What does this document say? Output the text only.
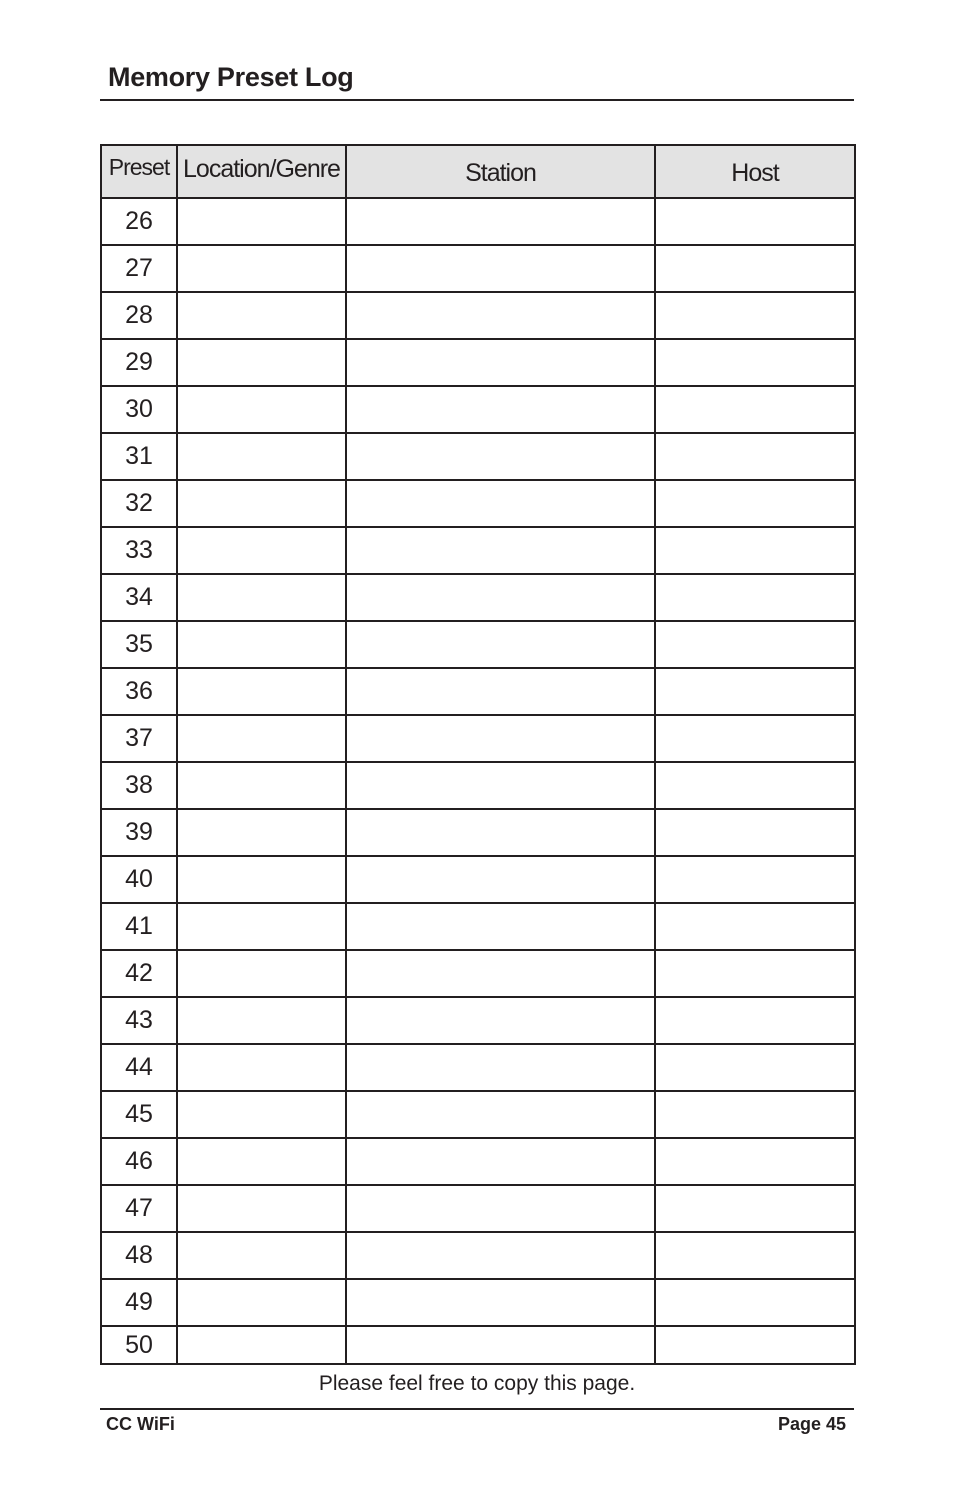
Memory Preset Log
Preset	Location/Genre	Station	Host
26			
27			
28			
29			
30			
31			
32			
33			
34			
35			
36			
37			
38			
39			
40			
41			
42			
43			
44			
45			
46			
47			
48			
49			
50			
Please feel free to copy this page.
CC WiFi	Page 45
